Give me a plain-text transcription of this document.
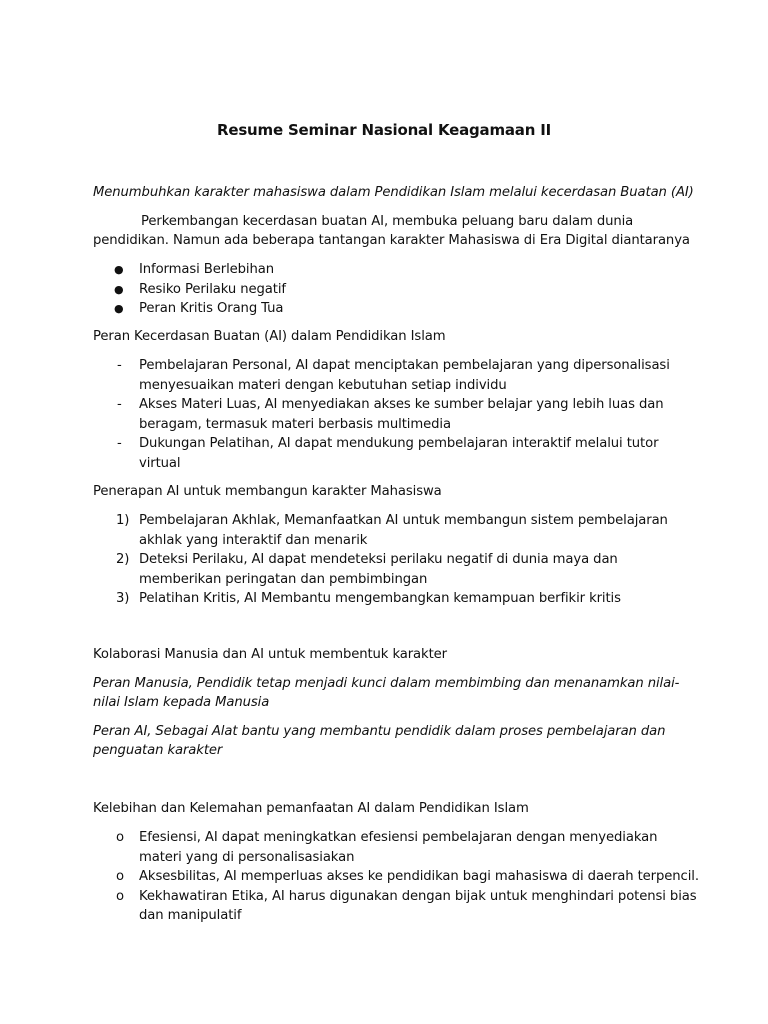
Resume Seminar Nasional Keagamaan II

Menumbuhkan karakter mahasiswa dalam Pendidikan Islam melalui kecerdasan Buatan (AI)

Perkembangan kecerdasan buatan AI, membuka peluang baru dalam dunia

pendidikan. Namun ada beberapa tantangan karakter Mahasiswa di Era Digital diantaranya

●	Informasi Berlebihan
●	Resiko Perilaku negatif
●	Peran Kritis Orang Tua

Peran Kecerdasan Buatan (AI) dalam Pendidikan Islam

-	Pembelajaran Personal, AI dapat menciptakan pembelajaran yang dipersonalisasi
menyesuaikan materi dengan kebutuhan setiap individu
-	Akses Materi Luas, AI menyediakan akses ke sumber belajar yang lebih luas dan
beragam, termasuk materi berbasis multimedia
-	Dukungan Pelatihan, AI dapat mendukung pembelajaran interaktif melalui tutor
virtual

Penerapan AI untuk membangun karakter Mahasiswa

1) Pembelajaran Akhlak, Memanfaatkan AI untuk membangun sistem pembelajaran
akhlak yang interaktif dan menarik
2) Deteksi Perilaku, AI dapat mendeteksi perilaku negatif di dunia maya dan
memberikan peringatan dan pembimbingan
3) Pelatihan Kritis, AI Membantu mengembangkan kemampuan berfikir kritis

Kolaborasi Manusia dan AI untuk membentuk karakter

Peran Manusia, Pendidik tetap menjadi kunci dalam membimbing dan menanamkan nilai-

nilai Islam kepada Manusia

Peran AI, Sebagai Alat bantu yang membantu pendidik dalam proses pembelajaran dan

penguatan karakter

Kelebihan dan Kelemahan pemanfaatan AI dalam Pendidikan Islam

o	Efesiensi, AI dapat meningkatkan efesiensi pembelajaran dengan menyediakan
materi yang di personalisasiakan
o	Aksesbilitas, AI memperluas akses ke pendidikan bagi mahasiswa di daerah terpencil.
o	Kekhawatiran Etika, AI harus digunakan dengan bijak untuk menghindari potensi bias
dan manipulatif
